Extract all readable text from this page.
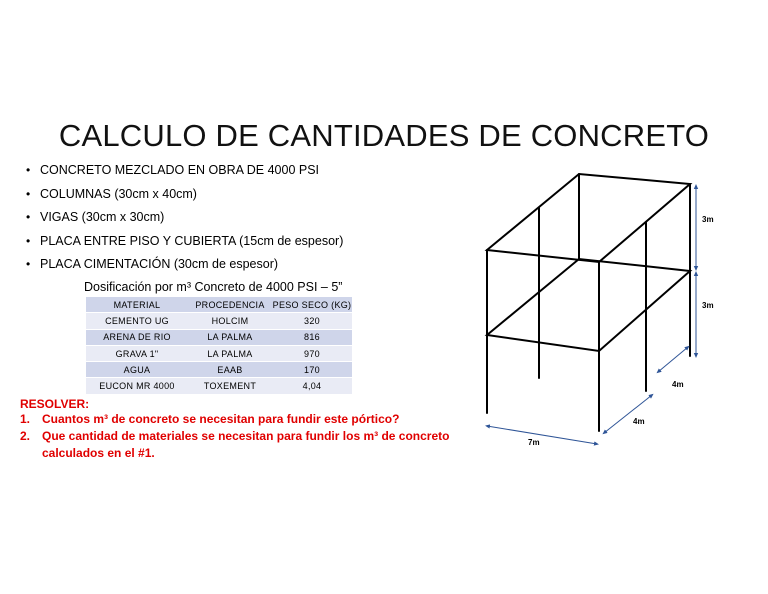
CALCULO DE CANTIDADES DE CONCRETO
• CONCRETO MEZCLADO EN OBRA DE 4000 PSI
• COLUMNAS (30cm x 40cm)
• VIGAS (30cm x 30cm)
• PLACA ENTRE PISO Y CUBIERTA (15cm de espesor)
• PLACA CIMENTACIÓN (30cm de espesor)
Dosificación por m³ Concreto de 4000 PSI – 5”
MATERIAL	PROCEDENCIA	PESO SECO (KG)
CEMENTO UG	HOLCIM	320
ARENA DE RIO	LA PALMA	816
GRAVA 1"	LA PALMA	970
AGUA	EAAB	170
EUCON MR 4000	TOXEMENT	4,04
RESOLVER:
1. Cuantos m³ de concreto se necesitan para fundir este pórtico?
2. Que cantidad de materiales se necesitan para fundir los m³ de concreto
calculados en el #1.
3m
3m
4m
4m
7m
